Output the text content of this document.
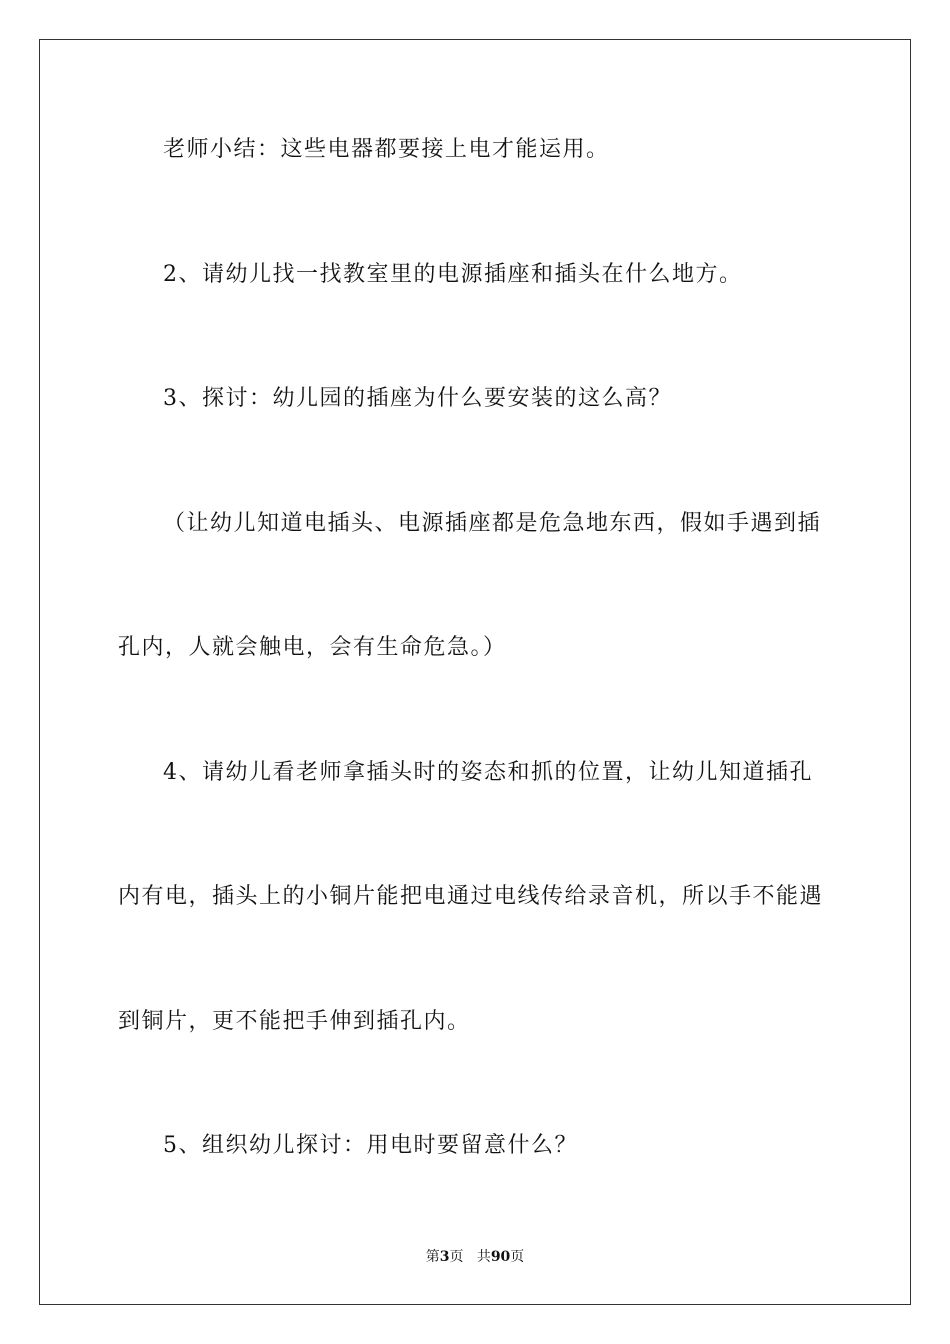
老师小结：这些电器都要接上电才能运用。
2、请幼儿找一找教室里的电源插座和插头在什么地方。
3、探讨：幼儿园的插座为什么要安装的这么高？
（让幼儿知道电插头、电源插座都是危急地东西，假如手遇到插
孔内，人就会触电，会有生命危急。）
4、请幼儿看老师拿插头时的姿态和抓的位置，让幼儿知道插孔
内有电，插头上的小铜片能把电通过电线传给录音机，所以手不能遇
到铜片，更不能把手伸到插孔内。
5、组织幼儿探讨：用电时要留意什么？
第3页 共90页
